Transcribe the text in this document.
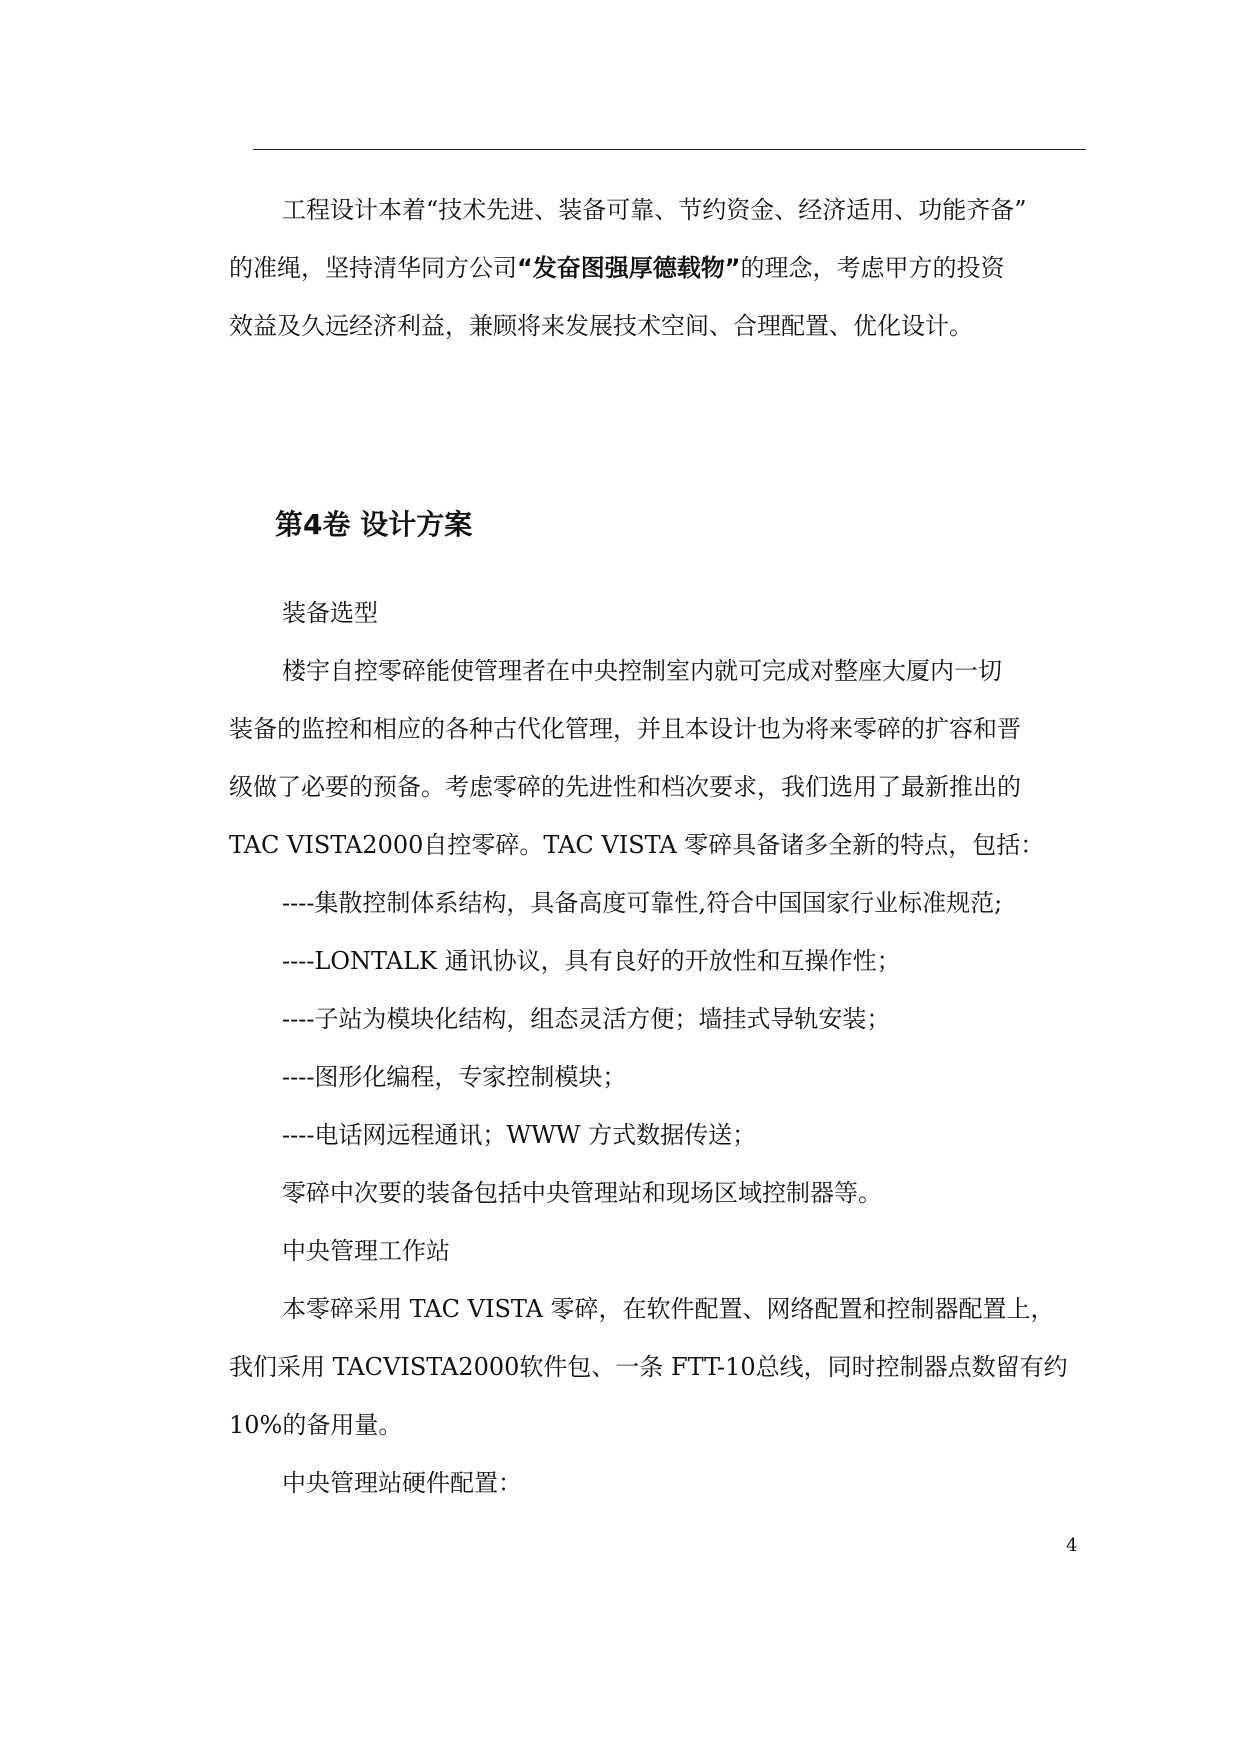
工程设计本着“技术先进、装备可靠、节约资金、经济适用、功能齐备”

的准绳，坚持清华同方公司“发奋图强厚德载物”的理念，考虑甲方的投资

效益及久远经济利益，兼顾将来发展技术空间、合理配置、优化设计。

第4卷 设计方案

装备选型

楼宇自控零碎能使管理者在中央控制室内就可完成对整座大厦内一切

装备的监控和相应的各种古代化管理，并且本设计也为将来零碎的扩容和晋

级做了必要的预备。考虑零碎的先进性和档次要求，我们选用了最新推出的

TAC VISTA2000自控零碎。TAC VISTA 零碎具备诸多全新的特点，包括：

----集散控制体系结构，具备高度可靠性,符合中国国家行业标准规范;

----LONTALK 通讯协议，具有良好的开放性和互操作性；

----子站为模块化结构，组态灵活方便；墙挂式导轨安装；

----图形化编程，专家控制模块；

----电话网远程通讯；WWW 方式数据传送；

零碎中次要的装备包括中央管理站和现场区域控制器等。

中央管理工作站

本零碎采用 TAC VISTA 零碎，在软件配置、网络配置和控制器配置上，

我们采用 TACVISTA2000软件包、一条 FTT-10总线，同时控制器点数留有约

10%的备用量。

中央管理站硬件配置：

4
